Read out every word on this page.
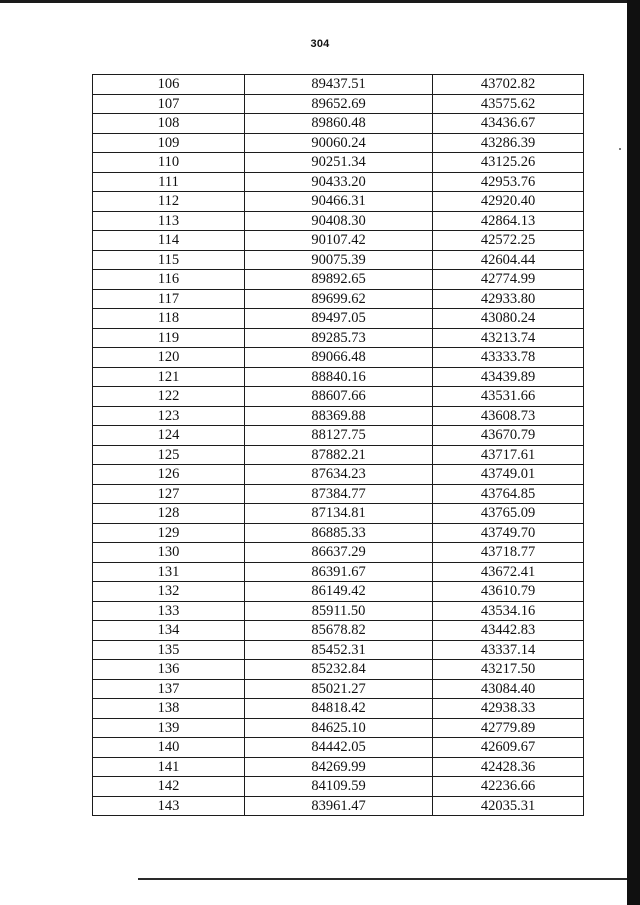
304
106	89437.51	43702.82
107	89652.69	43575.62
108	89860.48	43436.67
109	90060.24	43286.39
110	90251.34	43125.26
111	90433.20	42953.76
112	90466.31	42920.40
113	90408.30	42864.13
114	90107.42	42572.25
115	90075.39	42604.44
116	89892.65	42774.99
117	89699.62	42933.80
118	89497.05	43080.24
119	89285.73	43213.74
120	89066.48	43333.78
121	88840.16	43439.89
122	88607.66	43531.66
123	88369.88	43608.73
124	88127.75	43670.79
125	87882.21	43717.61
126	87634.23	43749.01
127	87384.77	43764.85
128	87134.81	43765.09
129	86885.33	43749.70
130	86637.29	43718.77
131	86391.67	43672.41
132	86149.42	43610.79
133	85911.50	43534.16
134	85678.82	43442.83
135	85452.31	43337.14
136	85232.84	43217.50
137	85021.27	43084.40
138	84818.42	42938.33
139	84625.10	42779.89
140	84442.05	42609.67
141	84269.99	42428.36
142	84109.59	42236.66
143	83961.47	42035.31
